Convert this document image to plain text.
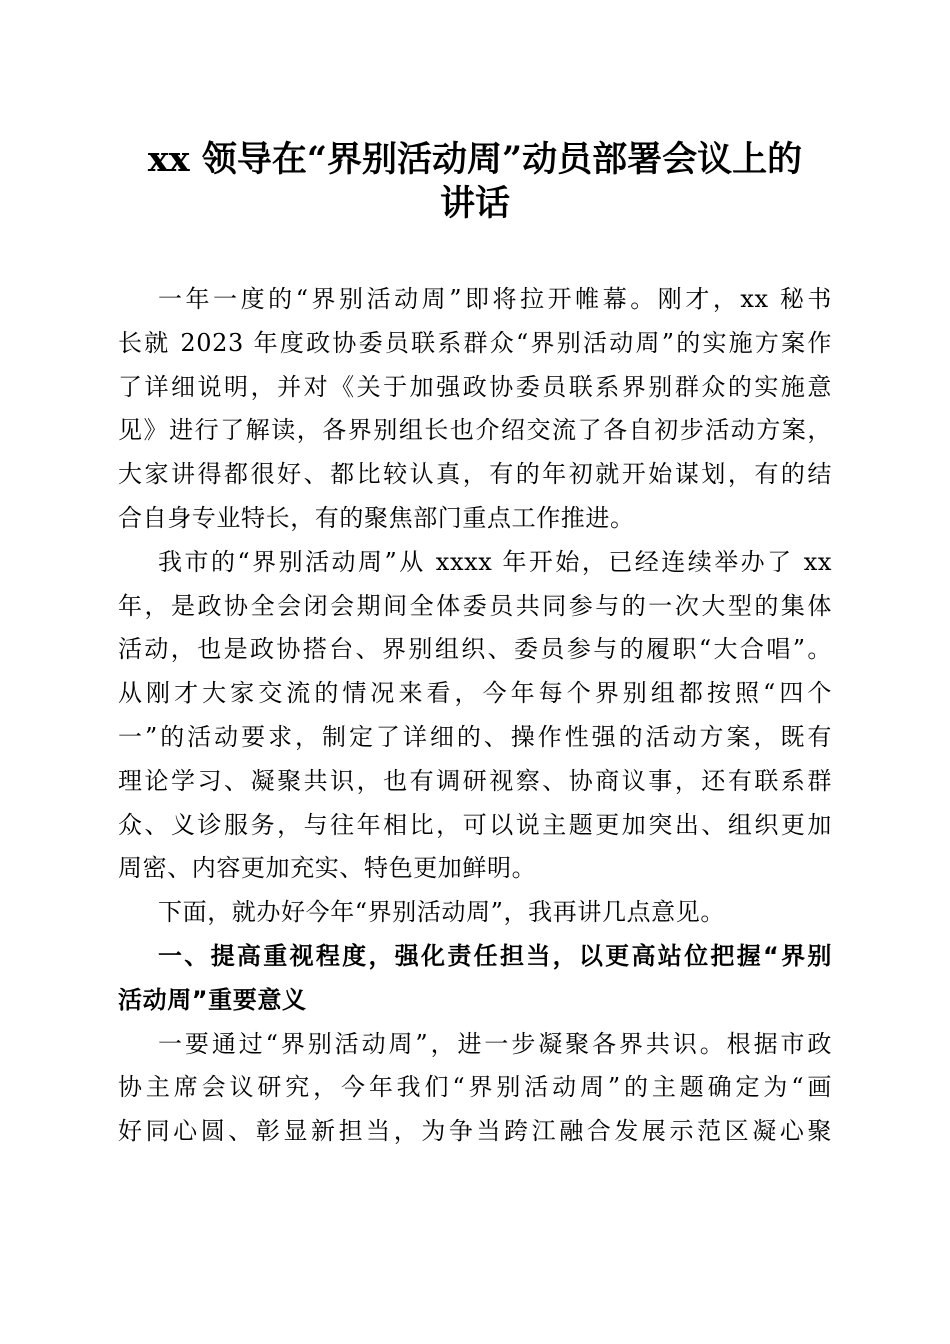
xx 领导在“界别活动周”动员部署会议上的
讲话
一年一度的“界别活动周”即将拉开帷幕。刚才，xx 秘书
长就 2023 年度政协委员联系群众“界别活动周”的实施方案作
了详细说明，并对《关于加强政协委员联系界别群众的实施意
见》进行了解读，各界别组长也介绍交流了各自初步活动方案，
大家讲得都很好、都比较认真，有的年初就开始谋划，有的结
合自身专业特长，有的聚焦部门重点工作推进。
我市的“界别活动周”从 xxxx 年开始，已经连续举办了 xx
年，是政协全会闭会期间全体委员共同参与的一次大型的集体
活动，也是政协搭台、界别组织、委员参与的履职“大合唱”。
从刚才大家交流的情况来看，今年每个界别组都按照“四个
一”的活动要求，制定了详细的、操作性强的活动方案，既有
理论学习、凝聚共识，也有调研视察、协商议事，还有联系群
众、义诊服务，与往年相比，可以说主题更加突出、组织更加
周密、内容更加充实、特色更加鲜明。
下面，就办好今年“界别活动周”，我再讲几点意见。
一、提高重视程度，强化责任担当，以更高站位把握“界别
活动周”重要意义
一要通过“界别活动周”，进一步凝聚各界共识。根据市政
协主席会议研究，今年我们“界别活动周”的主题确定为“画
好同心圆、彰显新担当，为争当跨江融合发展示范区凝心聚
